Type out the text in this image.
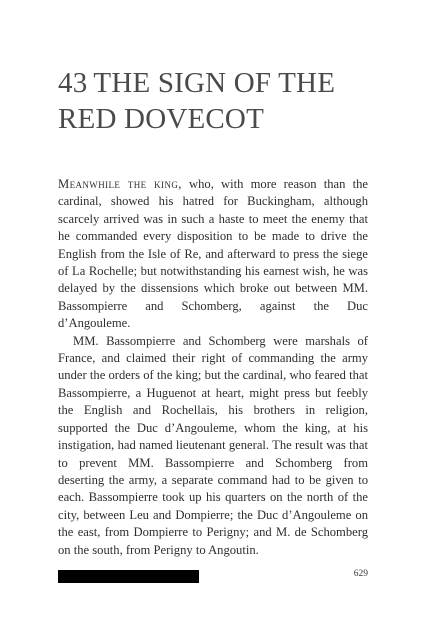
43 THE SIGN OF THE
RED DOVECOT

Meanwhile the king, who, with more reason than the cardinal, showed his hatred for Buckingham, although scarcely arrived was in such a haste to meet the enemy that he commanded every disposition to be made to drive the English from the Isle of Re, and afterward to press the siege of La Rochelle; but notwithstanding his earnest wish, he was delayed by the dissensions which broke out between MM. Bassompierre and Schomberg, against the Duc d’Angouleme.

MM. Bassompierre and Schomberg were marshals of France, and claimed their right of commanding the army under the orders of the king; but the cardinal, who feared that Bassompierre, a Huguenot at heart, might press but feebly the English and Rochellais, his brothers in religion, supported the Duc d’Angouleme, whom the king, at his instigation, had named lieutenant general. The result was that to prevent MM. Bassompierre and Schomberg from deserting the army, a separate command had to be given to each. Bassompierre took up his quarters on the north of the city, between Leu and Dompierre; the Duc d’Angouleme on the east, from Dompierre to Perigny; and M. de Schomberg on the south, from Perigny to Angoutin.

629
